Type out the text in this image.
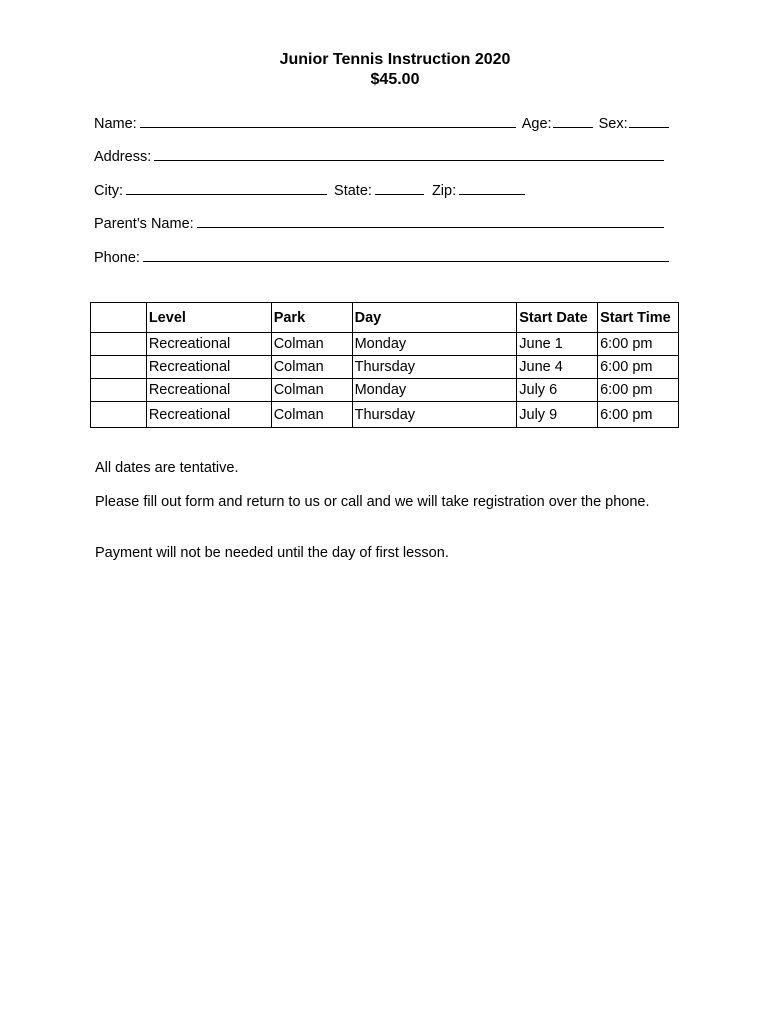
Junior Tennis Instruction 2020
$45.00
Name:	Age:	Sex:
Address:
City:	State:	Zip:
Parent’s Name:
Phone:
	Level	Park	Day	Start Date	Start Time
	Recreational	Colman	Monday	June 1	6:00 pm
	Recreational	Colman	Thursday	June 4	6:00 pm
	Recreational	Colman	Monday	July 6	6:00 pm
	Recreational	Colman	Thursday	July 9	6:00 pm
All dates are tentative.
Please fill out form and return to us or call and we will take registration over the phone.
Payment will not be needed until the day of first lesson.
